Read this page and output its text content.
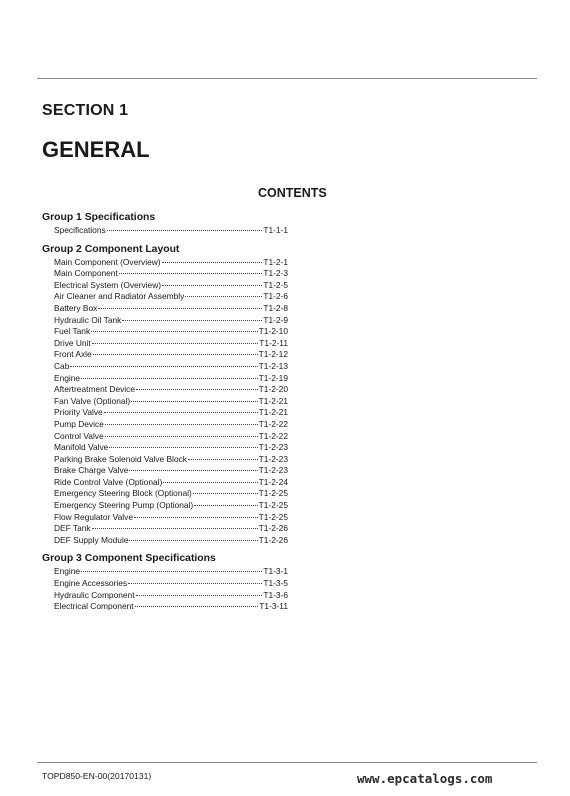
SECTION 1
GENERAL
CONTENTS
Group 1 Specifications
Specifications	T1-1-1
Group 2 Component Layout
Main Component (Overview)	T1-2-1
Main Component	T1-2-3
Electrical System (Overview)	T1-2-5
Air Cleaner and Radiator Assembly	T1-2-6
Battery Box	T1-2-8
Hydraulic Oil Tank	T1-2-9
Fuel Tank	T1-2-10
Drive Unit	T1-2-11
Front Axle	T1-2-12
Cab	T1-2-13
Engine	T1-2-19
Aftertreatment Device	T1-2-20
Fan Valve (Optional)	T1-2-21
Priority Valve	T1-2-21
Pump Device	T1-2-22
Control Valve	T1-2-22
Manifold Valve	T1-2-23
Parking Brake Solenoid Valve Block	T1-2-23
Brake Charge Valve	T1-2-23
Ride Control Valve (Optional)	T1-2-24
Emergency Steering Block (Optional)	T1-2-25
Emergency Steering Pump (Optional)	T1-2-25
Flow Regulator Valve	T1-2-25
DEF Tank	T1-2-26
DEF Supply Module	T1-2-26
Group 3 Component Specifications
Engine	T1-3-1
Engine Accessories	T1-3-5
Hydraulic Component	T1-3-6
Electrical Component	T1-3-11
TOPD850-EN-00(20170131)	www.epcatalogs.com
